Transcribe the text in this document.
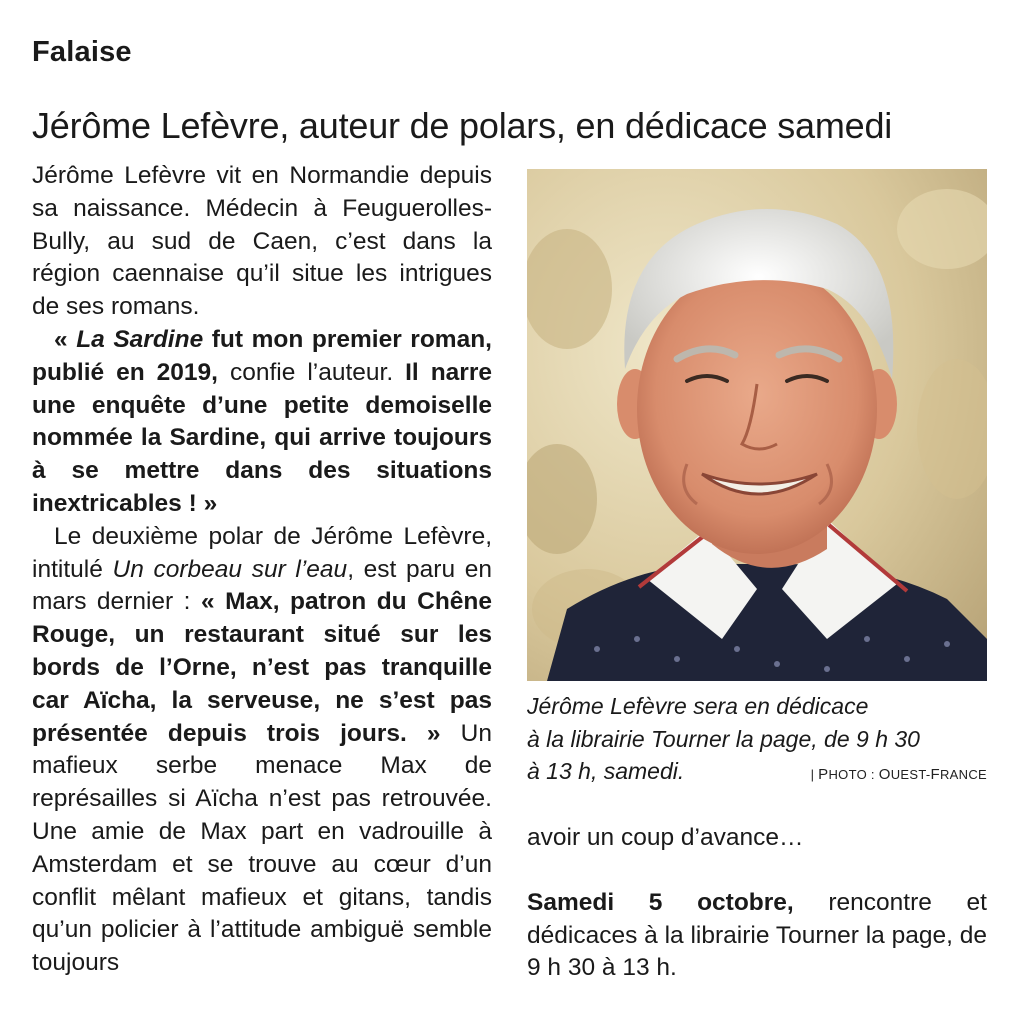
Falaise
Jérôme Lefèvre, auteur de polars, en dédicace samedi

Jérôme Lefèvre vit en Normandie depuis sa naissance. Médecin à Feuguerolles-Bully, au sud de Caen, c’est dans la région caennaise qu’il situe les intrigues de ses romans.

« La Sardine fut mon premier roman, publié en 2019, confie l’auteur. Il narre une enquête d’une petite demoiselle nommée la Sardine, qui arrive toujours à se mettre dans des situations inextricables ! »

Le deuxième polar de Jérôme Lefèvre, intitulé Un corbeau sur l’eau, est paru en mars dernier : « Max, patron du Chêne Rouge, un restaurant situé sur les bords de l’Orne, n’est pas tranquille car Aïcha, la serveuse, ne s’est pas présentée depuis trois jours. » Un mafieux serbe menace Max de représailles si Aïcha n’est pas retrouvée. Une amie de Max part en vadrouille à Amsterdam et se trouve au cœur d’un conflit mêlant mafieux et gitans, tandis qu’un policier à l’attitude ambiguë semble toujours

Jérôme Lefèvre sera en dédicace
à la librairie Tourner la page, de 9 h 30
à 13 h, samedi.	| PHOTO : OUEST-FRANCE

avoir un coup d’avance…

Samedi 5 octobre, rencontre et dédicaces à la librairie Tourner la page, de 9 h 30 à 13 h.
